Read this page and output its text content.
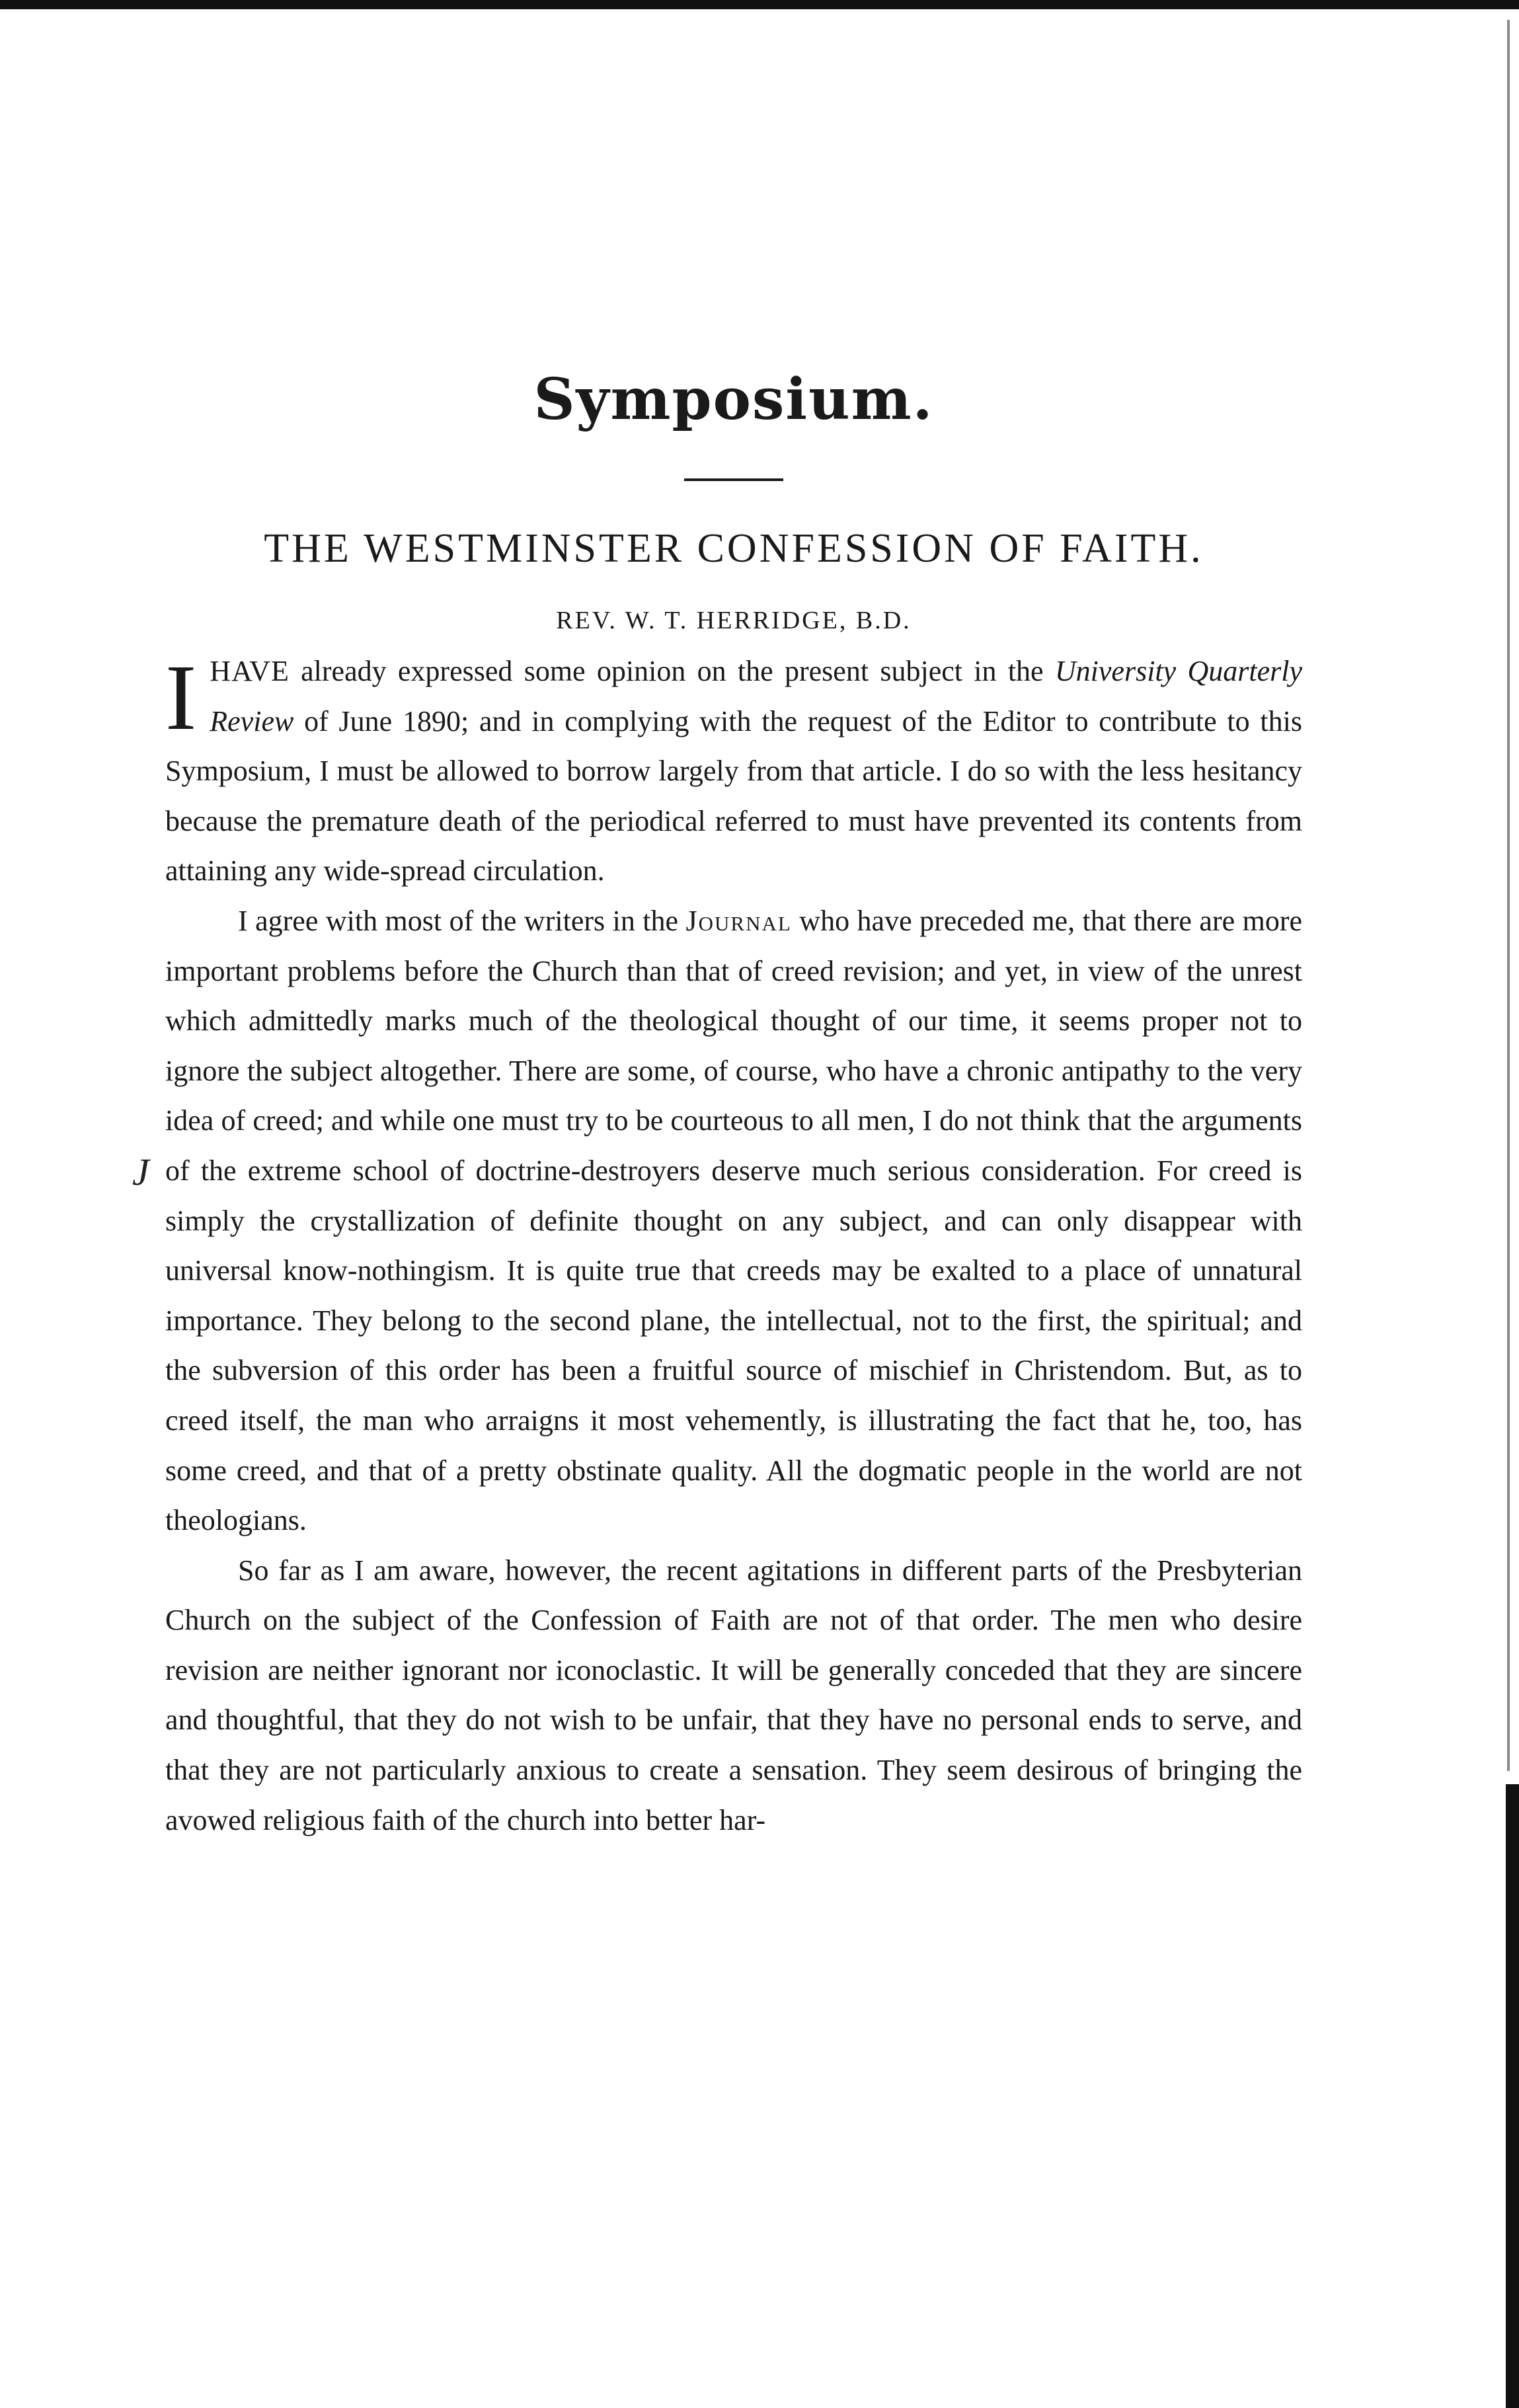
J
Symposium.
THE WESTMINSTER CONFESSION OF FAITH.
REV. W. T. HERRIDGE, B.D.

IHAVE already expressed some opinion on the present subject in the University Quarterly Review of June 1890; and in complying with the request of the Editor to contribute to this Symposium, I must be allowed to borrow largely from that article. I do so with the less hesitancy because the premature death of the periodical referred to must have prevented its contents from attaining any wide-spread circulation.

I agree with most of the writers in the Journal who have preceded me, that there are more important problems before the Church than that of creed revision; and yet, in view of the unrest which admittedly marks much of the theological thought of our time, it seems proper not to ignore the subject altogether. There are some, of course, who have a chronic antipathy to the very idea of creed; and while one must try to be courteous to all men, I do not think that the arguments of the extreme school of doctrine-destroyers deserve much serious consideration. For creed is simply the crystallization of definite thought on any subject, and can only disappear with universal know-nothingism. It is quite true that creeds may be exalted to a place of unnatural importance. They belong to the second plane, the intellectual, not to the first, the spiritual; and the subversion of this order has been a fruitful source of mischief in Christendom. But, as to creed itself, the man who arraigns it most vehemently, is illustrating the fact that he, too, has some creed, and that of a pretty obstinate quality. All the dogmatic people in the world are not theologians.

So far as I am aware, however, the recent agitations in different parts of the Presbyterian Church on the subject of the Confession of Faith are not of that order. The men who desire revision are neither ignorant nor iconoclastic. It will be generally conceded that they are sincere and thoughtful, that they do not wish to be unfair, that they have no personal ends to serve, and that they are not particularly anxious to create a sensation. They seem desirous of bringing the avowed religious faith of the church into better har-
